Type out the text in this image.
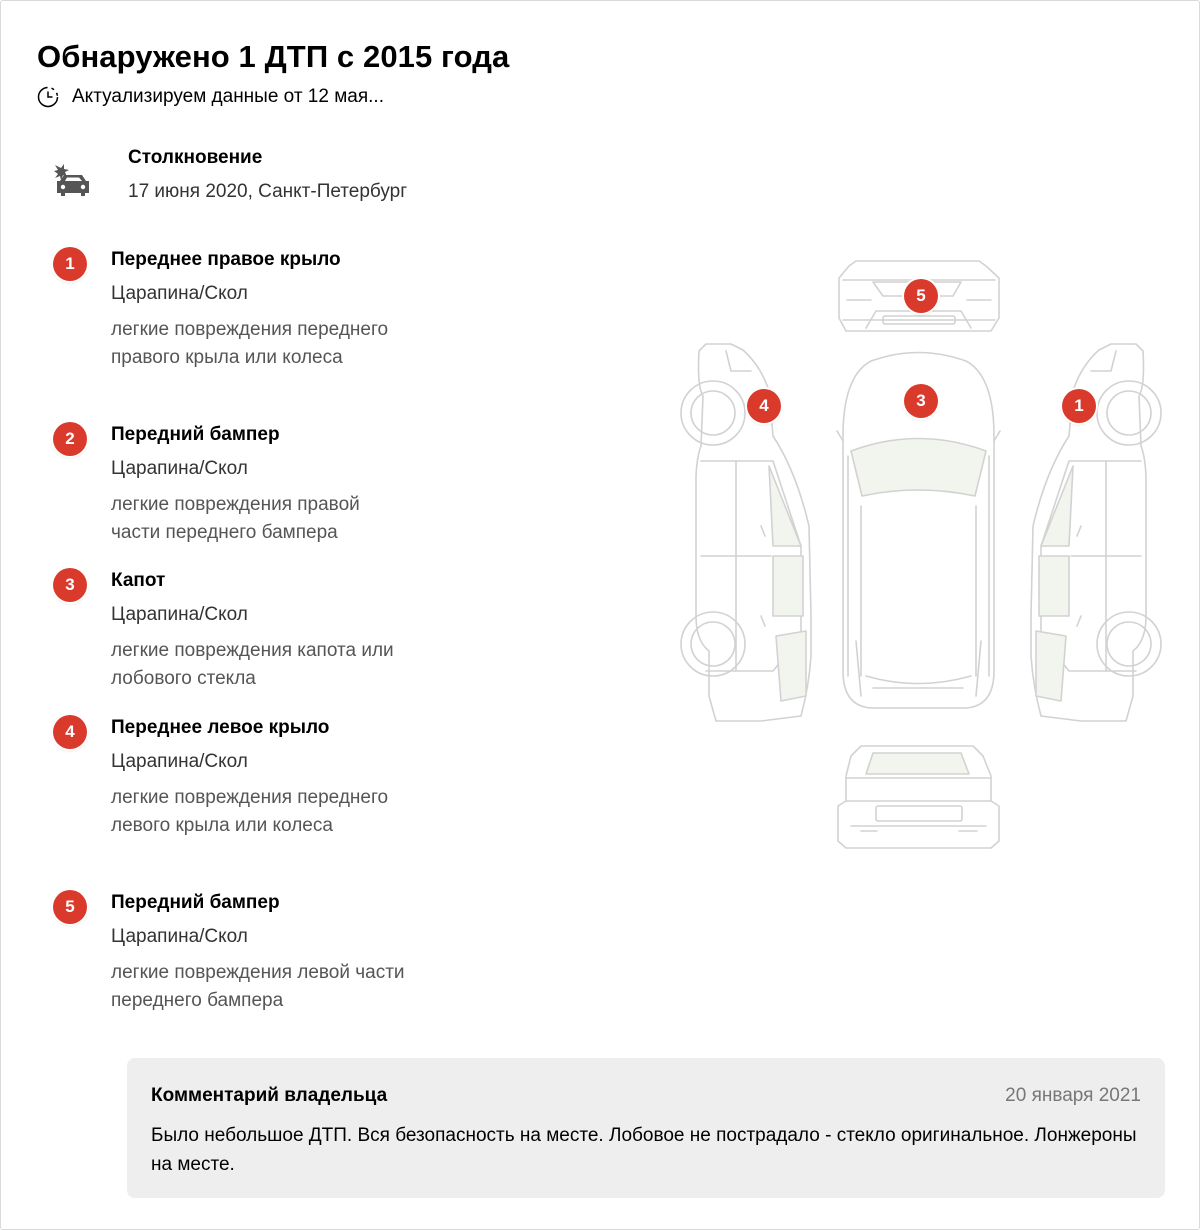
Обнаружено 1 ДТП с 2015 года
Актуализируем данные от 12 мая...
Столкновение
17 июня 2020, Санкт-Петербург
1	Переднее правое крыло
Царапина/Скол
легкие повреждения переднего правого крыла или колеса
2	Передний бампер
Царапина/Скол
легкие повреждения правой части переднего бампера
3	Капот
Царапина/Скол
легкие повреждения капота или лобового стекла
4	Переднее левое крыло
Царапина/Скол
легкие повреждения переднего левого крыла или колеса
5	Передний бампер
Царапина/Скол
легкие повреждения левой части переднего бампера
5
3
4	1
Комментарий владельца	20 января 2021
Было небольшое ДТП. Вся безопасность на месте. Лобовое не пострадало - стекло оригинальное. Лонжероны на месте.
